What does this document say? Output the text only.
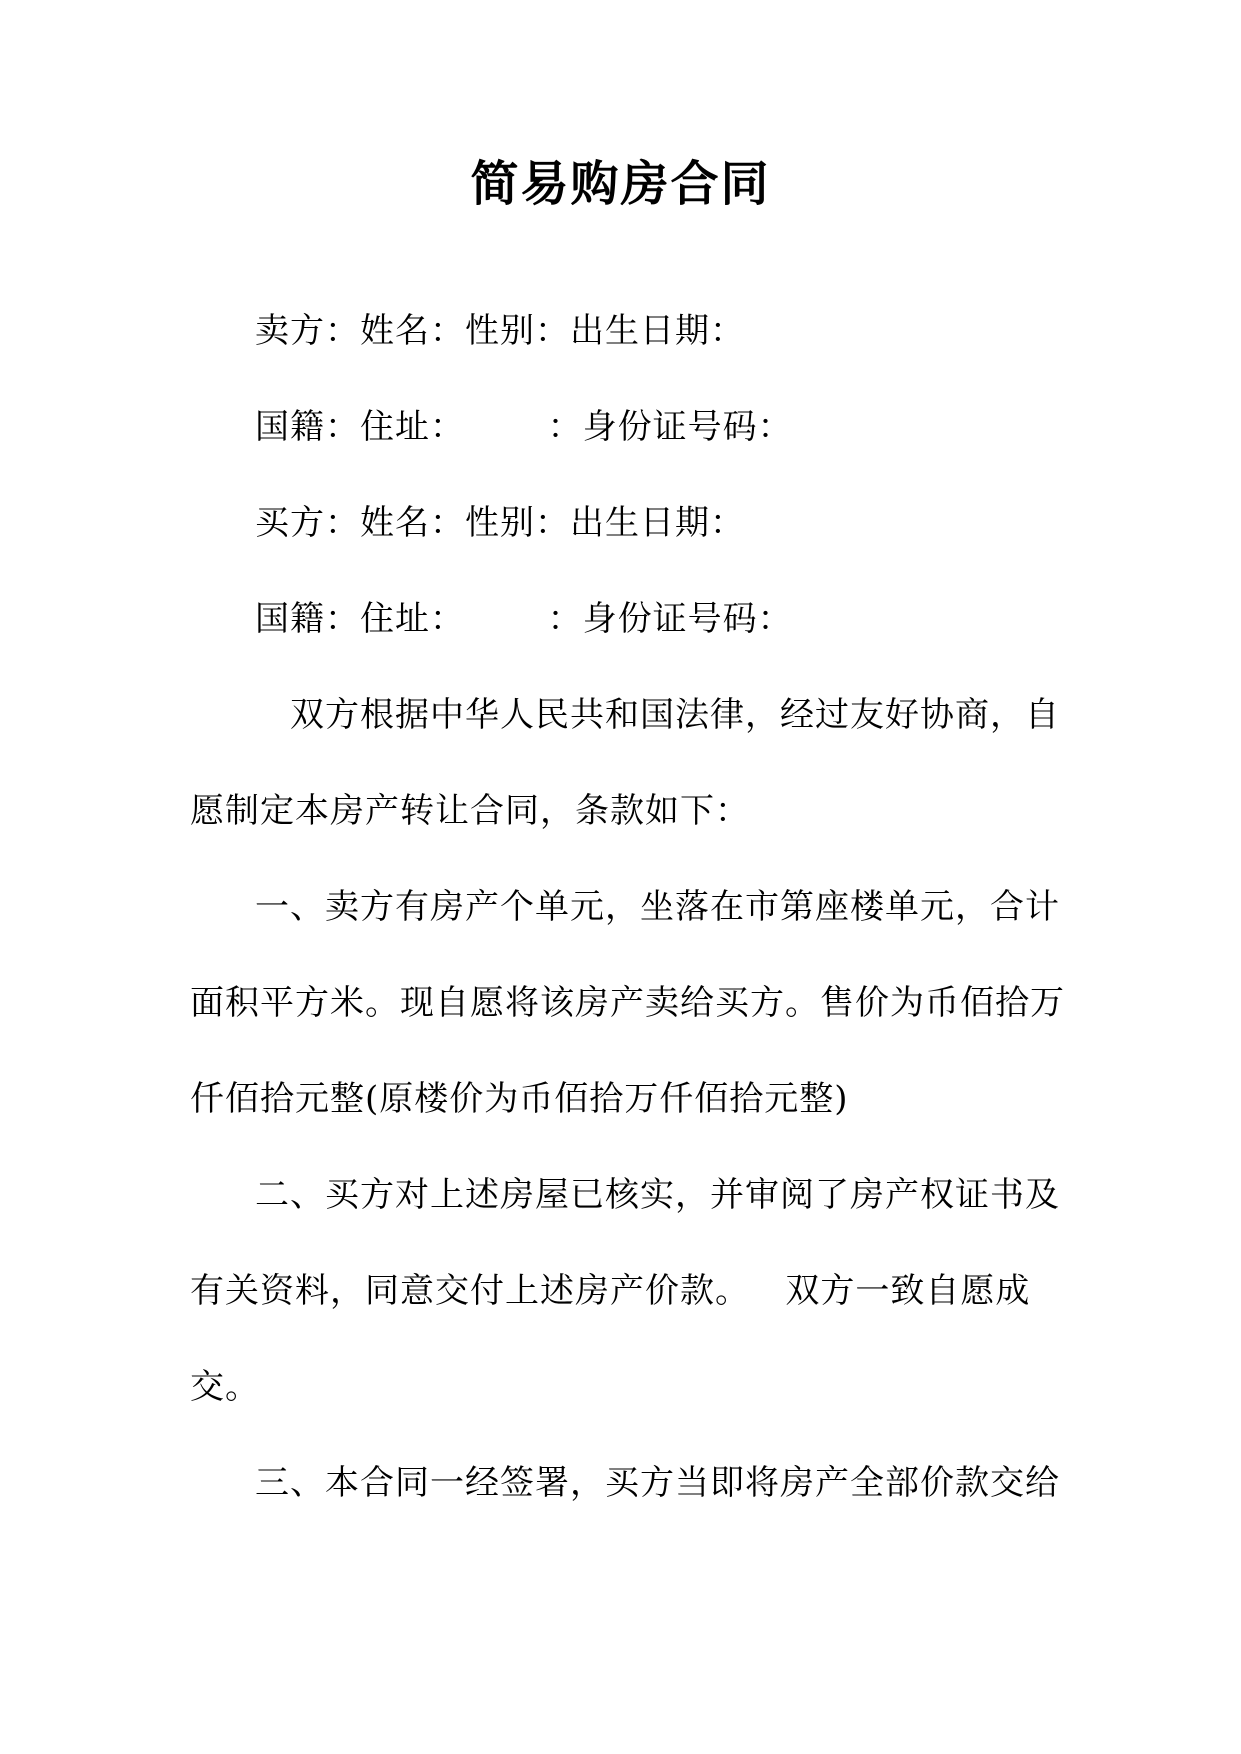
简易购房合同
卖方：姓名：性别：出生日期：
国籍：住址：       ：身份证号码：
买方：姓名：性别：出生日期：
国籍：住址：       ：身份证号码：
双方根据中华人民共和国法律，经过友好协商，自
愿制定本房产转让合同，条款如下：
一、卖方有房产个单元，坐落在市第座楼单元，合计
面积平方米。现自愿将该房产卖给买方。售价为币佰拾万
仟佰拾元整(原楼价为币佰拾万仟佰拾元整)
二、买方对上述房屋已核实，并审阅了房产权证书及
有关资料，同意交付上述房产价款。   双方一致自愿成
交。
三、本合同一经签署，买方当即将房产全部价款交给
